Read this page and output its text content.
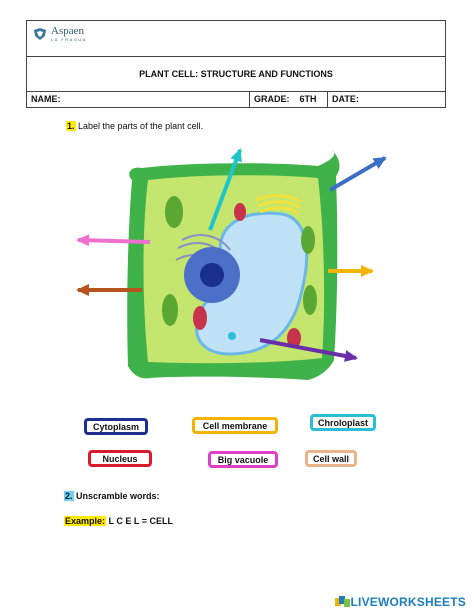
Aspaen
LA FRAGUA
PLANT CELL: STRUCTURE AND FUNCTIONS
NAME:	GRADE: 6TH	DATE:
1. Label the parts of the plant cell.
Cytoplasm	Cell membrane	Chroloplast
Nucleus	Big vacuole	Cell wall
2. Unscramble words:
Example: L C E L = CELL
LIVEWORKSHEETS
